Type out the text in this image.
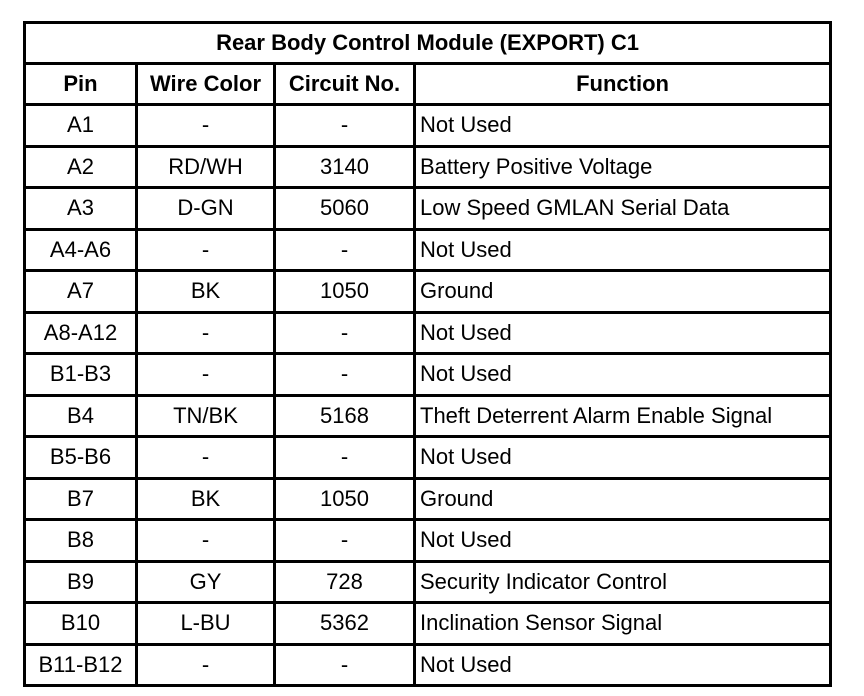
Rear Body Control Module (EXPORT) C1			
Pin	Wire Color	Circuit No.	Function
A1	-	-	Not Used
A2	RD/WH	3140	Battery Positive Voltage
A3	D-GN	5060	Low Speed GMLAN Serial Data
A4-A6	-	-	Not Used
A7	BK	1050	Ground
A8-A12	-	-	Not Used
B1-B3	-	-	Not Used
B4	TN/BK	5168	Theft Deterrent Alarm Enable Signal
B5-B6	-	-	Not Used
B7	BK	1050	Ground
B8	-	-	Not Used
B9	GY	728	Security Indicator Control
B10	L-BU	5362	Inclination Sensor Signal
B11-B12	-	-	Not Used
